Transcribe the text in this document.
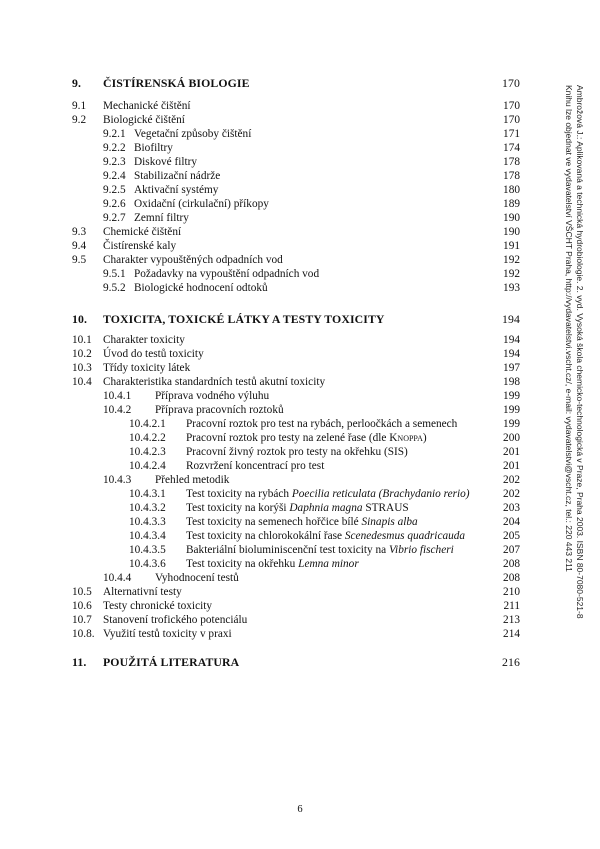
9. ČISTÍRENSKÁ BIOLOGIE	170
9.1 Mechanické čištění	170
9.2 Biologické čištění	170
9.2.1 Vegetační způsoby čištění	171
9.2.2 Biofiltry	174
9.2.3 Diskové filtry	178
9.2.4 Stabilizační nádrže	178
9.2.5 Aktivační systémy	180
9.2.6 Oxidační (cirkulační) příkopy	189
9.2.7 Zemní filtry	190
9.3 Chemické čištění	190
9.4 Čistírenské kaly	191
9.5 Charakter vypouštěných odpadních vod	192
9.5.1 Požadavky na vypouštění odpadních vod	192
9.5.2 Biologické hodnocení odtoků	193
10. TOXICITA, TOXICKÉ LÁTKY A TESTY TOXICITY	194
10.1 Charakter toxicity	194
10.2 Úvod do testů toxicity	194
10.3 Třídy toxicity látek	197
10.4 Charakteristika standardních testů akutní toxicity	198
10.4.1 Příprava vodného výluhu	199
10.4.2 Příprava pracovních roztoků	199
10.4.2.1 Pracovní roztok pro test na rybách, perloočkách a semenech	199
10.4.2.2 Pracovní roztok pro testy na zelené řase (dle Knoppa)	200
10.4.2.3 Pracovní živný roztok pro testy na okřehku (SIS)	201
10.4.2.4 Rozvržení koncentrací pro test	201
10.4.3 Přehled metodik	202
10.4.3.1 Test toxicity na rybách Poecilia reticulata (Brachydanio rerio)	202
10.4.3.2 Test toxicity na korýši Daphnia magna STRAUS	203
10.4.3.3 Test toxicity na semenech hořčice bílé Sinapis alba	204
10.4.3.4 Test toxicity na chlorokokální řase Scenedesmus quadricauda	205
10.4.3.5 Bakteriální bioluminiscenční test toxicity na Vibrio fischeri	207
10.4.3.6 Test toxicity na okřehku Lemna minor	208
10.4.4 Vyhodnocení testů	208
10.5 Alternativní testy	210
10.6 Testy chronické toxicity	211
10.7 Stanovení trofického potenciálu	213
10.8. Využití testů toxicity v praxi	214
11. POUŽITÁ LITERATURA	216
6
Ambrožová J.: Aplikovaná a technická hydrobiologie. 2. vyd. Vysoká škola chemicko-technologická v Praze, Praha 2003. ISBN 80-7080-521-8
Knihu lze objednat ve vydavatelství VŠCHT Praha, http://vydavatelstvi.vscht.cz/, e-mail: vydavatelstvi@vscht.cz, tel.: 220 443 211
